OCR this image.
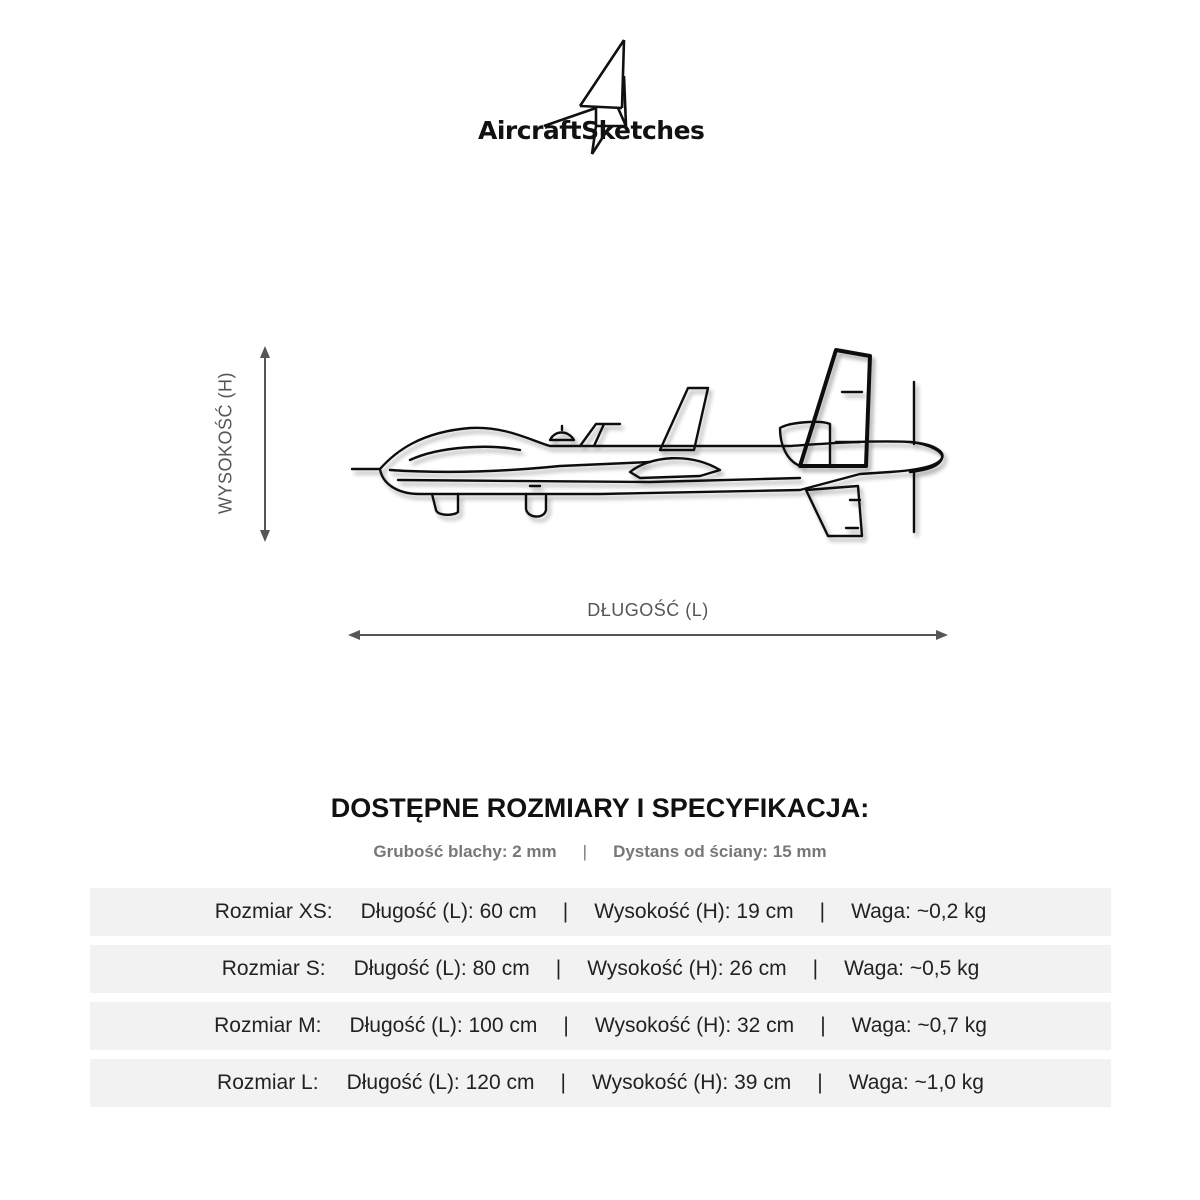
AircraftSketches
WYSOKOŚĆ (H)
DŁUGOŚĆ (L)
DOSTĘPNE ROZMIARY I SPECYFIKACJA:
Grubość blachy: 2 mm | Dystans od ściany: 15 mm
Rozmiar XS: Długość (L): 60 cm | Wysokość (H): 19 cm | Waga: ~0,2 kg
Rozmiar S: Długość (L): 80 cm | Wysokość (H): 26 cm | Waga: ~0,5 kg
Rozmiar M: Długość (L): 100 cm | Wysokość (H): 32 cm | Waga: ~0,7 kg
Rozmiar L: Długość (L): 120 cm | Wysokość (H): 39 cm | Waga: ~1,0 kg
